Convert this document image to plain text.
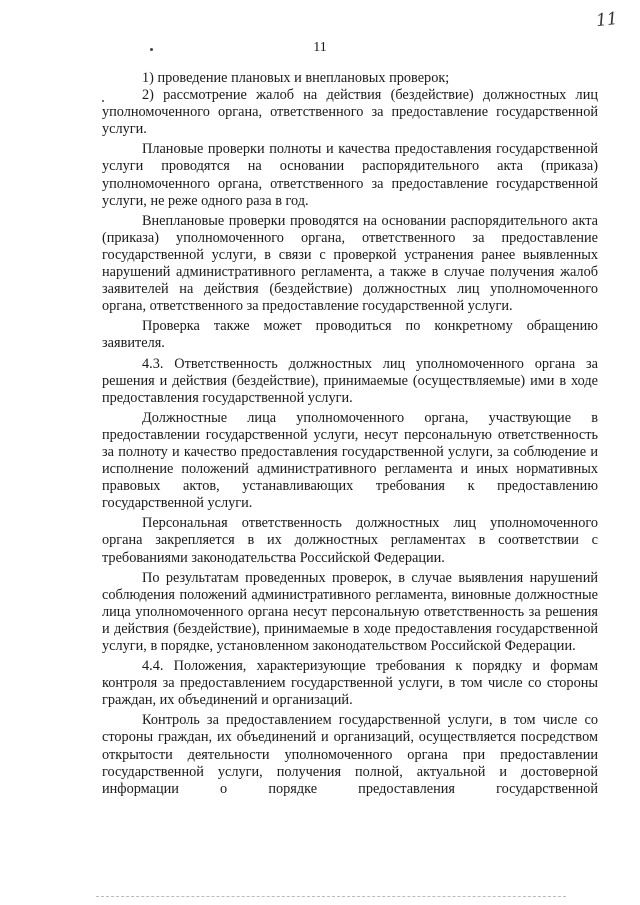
11
11

1) проведение плановых и внеплановых проверок;

2) рассмотрение жалоб на действия (бездействие) должностных лиц уполномоченного органа, ответственного за предоставление государственной услуги.

Плановые проверки полноты и качества предоставления государственной услуги проводятся на основании распорядительного акта (приказа) уполномоченного органа, ответственного за предоставление государственной услуги, не реже одного раза в год.

Внеплановые проверки проводятся на основании распорядительного акта (приказа) уполномоченного органа, ответственного за предоставление государственной услуги, в связи с проверкой устранения ранее выявленных нарушений административного регламента, а также в случае получения жалоб заявителей на действия (бездействие) должностных лиц уполномоченного органа, ответственного за предоставление государственной услуги.

Проверка также может проводиться по конкретному обращению заявителя.

4.3. Ответственность должностных лиц уполномоченного органа за решения и действия (бездействие), принимаемые (осуществляемые) ими в ходе предоставления государственной услуги.

Должностные лица уполномоченного органа, участвующие в предоставлении государственной услуги, несут персональную ответственность за полноту и качество предоставления государственной услуги, за соблюдение и исполнение положений административного регламента и иных нормативных правовых актов, устанавливающих требования к предоставлению государственной услуги.

Персональная ответственность должностных лиц уполномоченного органа закрепляется в их должностных регламентах в соответствии с требованиями законодательства Российской Федерации.

По результатам проведенных проверок, в случае выявления нарушений соблюдения положений административного регламента, виновные должностные лица уполномоченного органа несут персональную ответственность за решения и действия (бездействие), принимаемые в ходе предоставления государственной услуги, в порядке, установленном законодательством Российской Федерации.

4.4. Положения, характеризующие требования к порядку и формам контроля за предоставлением государственной услуги, в том числе со стороны граждан, их объединений и организаций.

Контроль за предоставлением государственной услуги, в том числе со стороны граждан, их объединений и организаций, осуществляется посредством открытости деятельности уполномоченного органа при предоставлении государственной услуги, получения полной, актуальной и достоверной информации о порядке предоставления государственной
